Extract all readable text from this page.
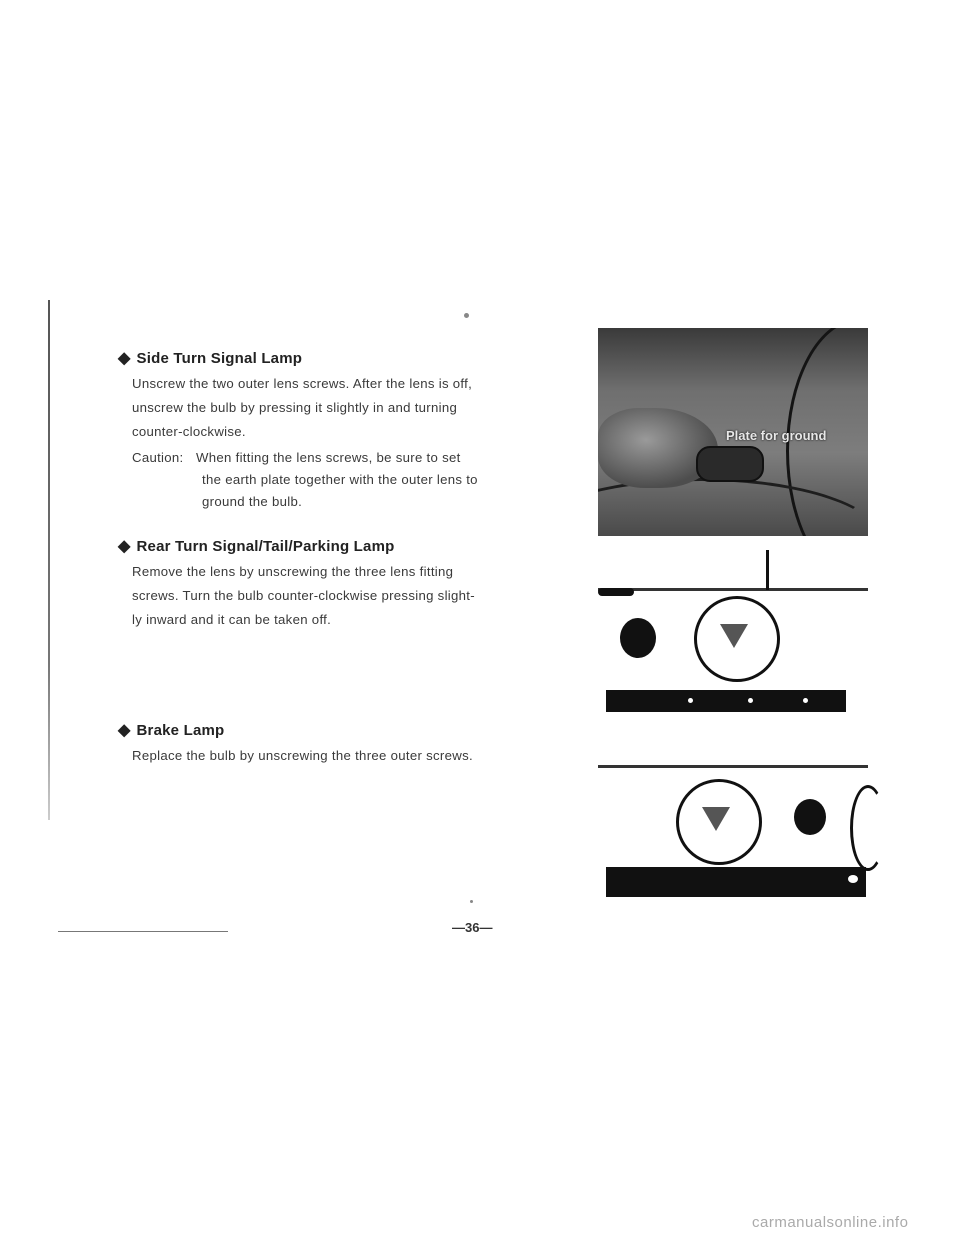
◆ Side Turn Signal Lamp
Unscrew the two outer lens screws. After the lens is off,
unscrew the bulb by pressing it slightly in and turning
counter-clockwise.
Caution: When fitting the lens screws, be sure to set
the earth plate together with the outer lens to
ground the bulb.
◆ Rear Turn Signal/Tail/Parking Lamp
Remove the lens by unscrewing the three lens fitting
screws. Turn the bulb counter-clockwise pressing slight-
ly inward and it can be taken off.
◆ Brake Lamp
Replace the bulb by unscrewing the three outer screws.
Plate for ground
—36—
carmanualsonline.info
